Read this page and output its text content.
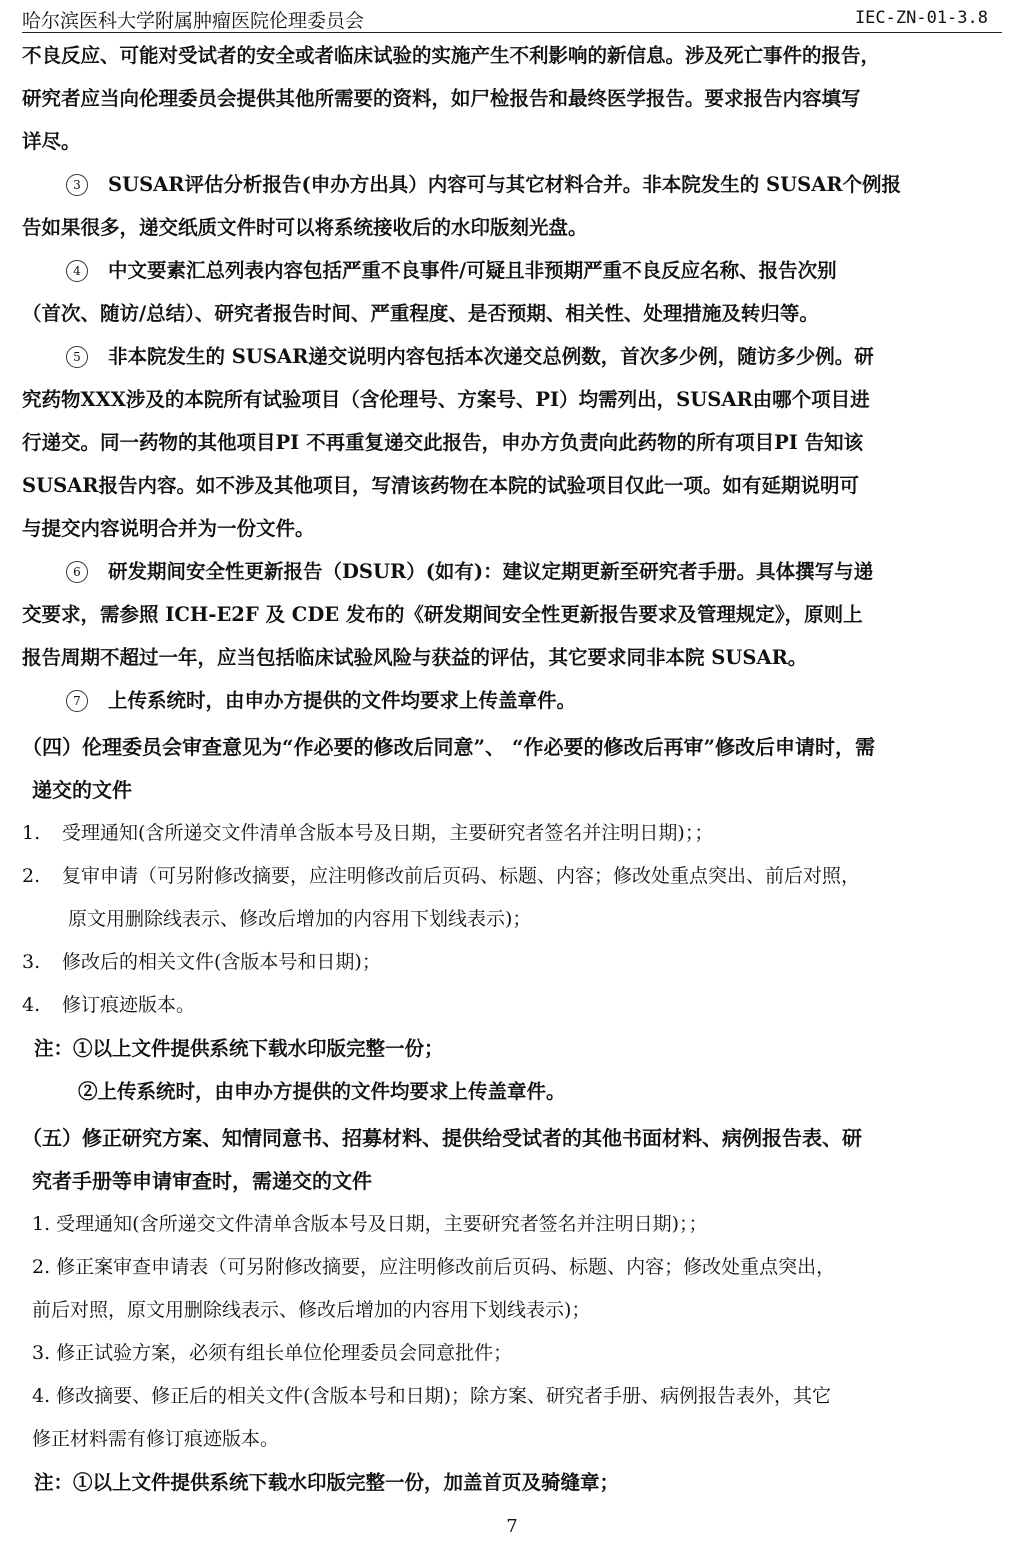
哈尔滨医科大学附属肿瘤医院伦理委员会	IEC-ZN-01-3.8

不良反应、可能对受试者的安全或者临床试验的实施产生不利影响的新信息。涉及死亡事件的报告，

研究者应当向伦理委员会提供其他所需要的资料，如尸检报告和最终医学报告。要求报告内容填写

详尽。

3 SUSAR评估分析报告(申办方出具）内容可与其它材料合并。非本院发生的 SUSAR个例报

告如果很多，递交纸质文件时可以将系统接收后的水印版刻光盘。

4 中文要素汇总列表内容包括严重不良事件/可疑且非预期严重不良反应名称、报告次别

（首次、随访/总结）、研究者报告时间、严重程度、是否预期、相关性、处理措施及转归等。

5 非本院发生的 SUSAR递交说明内容包括本次递交总例数，首次多少例，随访多少例。研

究药物XXX涉及的本院所有试验项目（含伦理号、方案号、PI）均需列出，SUSAR由哪个项目进

行递交。同一药物的其他项目PI 不再重复递交此报告，申办方负责向此药物的所有项目PI 告知该

SUSAR报告内容。如不涉及其他项目，写清该药物在本院的试验项目仅此一项。如有延期说明可

与提交内容说明合并为一份文件。

6 研发期间安全性更新报告（DSUR）(如有)：建议定期更新至研究者手册。具体撰写与递

交要求，需参照 ICH-E2F 及 CDE 发布的《研发期间安全性更新报告要求及管理规定》，原则上

报告周期不超过一年，应当包括临床试验风险与获益的评估，其它要求同非本院 SUSAR。

7 上传系统时，由申办方提供的文件均要求上传盖章件。

（四）伦理委员会审查意见为“作必要的修改后同意”、 “作必要的修改后再审”修改后申请时，需
递交的文件

1. 受理通知(含所递交文件清单含版本号及日期，主要研究者签名并注明日期)；；

2. 复审申请（可另附修改摘要，应注明修改前后页码、标题、内容；修改处重点突出、前后对照，

原文用删除线表示、修改后增加的内容用下划线表示)；

3. 修改后的相关文件(含版本号和日期)；

4. 修订痕迹版本。

注：①以上文件提供系统下载水印版完整一份；

②上传系统时，由申办方提供的文件均要求上传盖章件。

（五）修正研究方案、知情同意书、招募材料、提供给受试者的其他书面材料、病例报告表、研
究者手册等申请审查时，需递交的文件

1. 受理通知(含所递交文件清单含版本号及日期，主要研究者签名并注明日期)；；

2. 修正案审查申请表（可另附修改摘要，应注明修改前后页码、标题、内容；修改处重点突出，

前后对照，原文用删除线表示、修改后增加的内容用下划线表示)；

3. 修正试验方案，必须有组长单位伦理委员会同意批件；

4. 修改摘要、修正后的相关文件(含版本号和日期)；除方案、研究者手册、病例报告表外，其它

修正材料需有修订痕迹版本。

注：①以上文件提供系统下载水印版完整一份，加盖首页及骑缝章；

7
